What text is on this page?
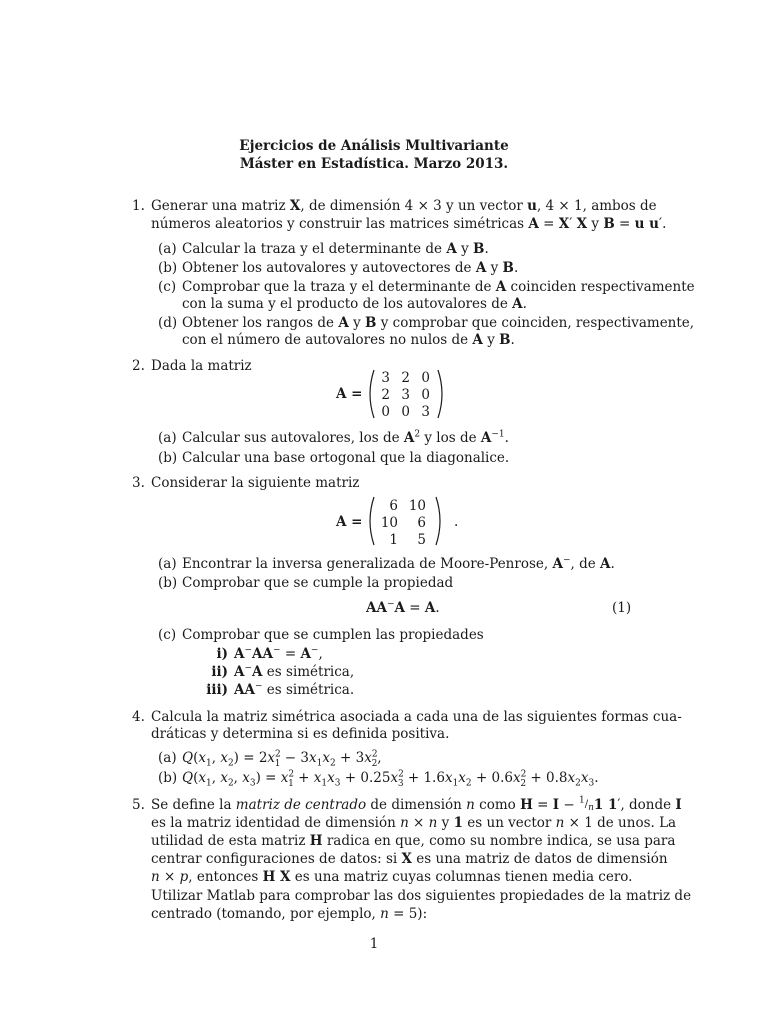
Ejercicios de Análisis Multivariante
Máster en Estadística. Marzo 2013.
1. Generar una matriz X, de dimensión 4 × 3 y un vector u, 4 × 1, ambos de
números aleatorios y construir las matrices simétricas A = X′ X y B = u u′.
(a) Calcular la traza y el determinante de A y B.
(b) Obtener los autovalores y autovectores de A y B.
(c) Comprobar que la traza y el determinante de A coinciden respectivamente
con la suma y el producto de los autovalores de A.
(d) Obtener los rangos de A y B y comprobar que coinciden, respectivamente,
con el número de autovalores no nulos de A y B.
2. Dada la matriz
A =
3 2 0
2 3 0
0 0 3
(a) Calcular sus autovalores, los de $A^2$ y los de $A^{-1}$.
(b) Calcular una base ortogonal que la diagonalice.
3. Considerar la siguiente matriz
A =
6 10
10	6
1	5
.
(a) Encontrar la inversa generalizada de Moore-Penrose, A−, de A.
(b) Comprobar que se cumple la propiedad
AA−A = A.	(1)
(c) Comprobar que se cumplen las propiedades
i) A−AA− = A−,
ii) A−A es simétrica,
iii) AA− es simétrica.
4. Calcula la matriz simétrica asociada a cada una de las siguientes formas cua-
dráticas y determina si es definida positiva.
(a) $Q(x_1$, $x_2) = 2x^2_1 - 3x_1x_2 + 3x^2_2$,
(b) $Q(x_1$, $x_2$, $x_3) = x^2_1 + x_1x_3 + 0.25x^2_3 + 1.6x_1x_2 + 0.6x^2_2 + 0.8x_2x_3$.
5. Se define la matriz de centrado de dimensión n como $H = I - ^1/_n1$ 1′, donde I
es la matriz identidad de dimensión n × n y 1 es un vector n × 1 de unos. La
utilidad de esta matriz H radica en que, como su nombre indica, se usa para
centrar configuraciones de datos: si X es una matriz de datos de dimensión
n × p, entonces H X es una matriz cuyas columnas tienen media cero.
Utilizar Matlab para comprobar las dos siguientes propiedades de la matriz de
centrado (tomando, por ejemplo, n = 5):
1
